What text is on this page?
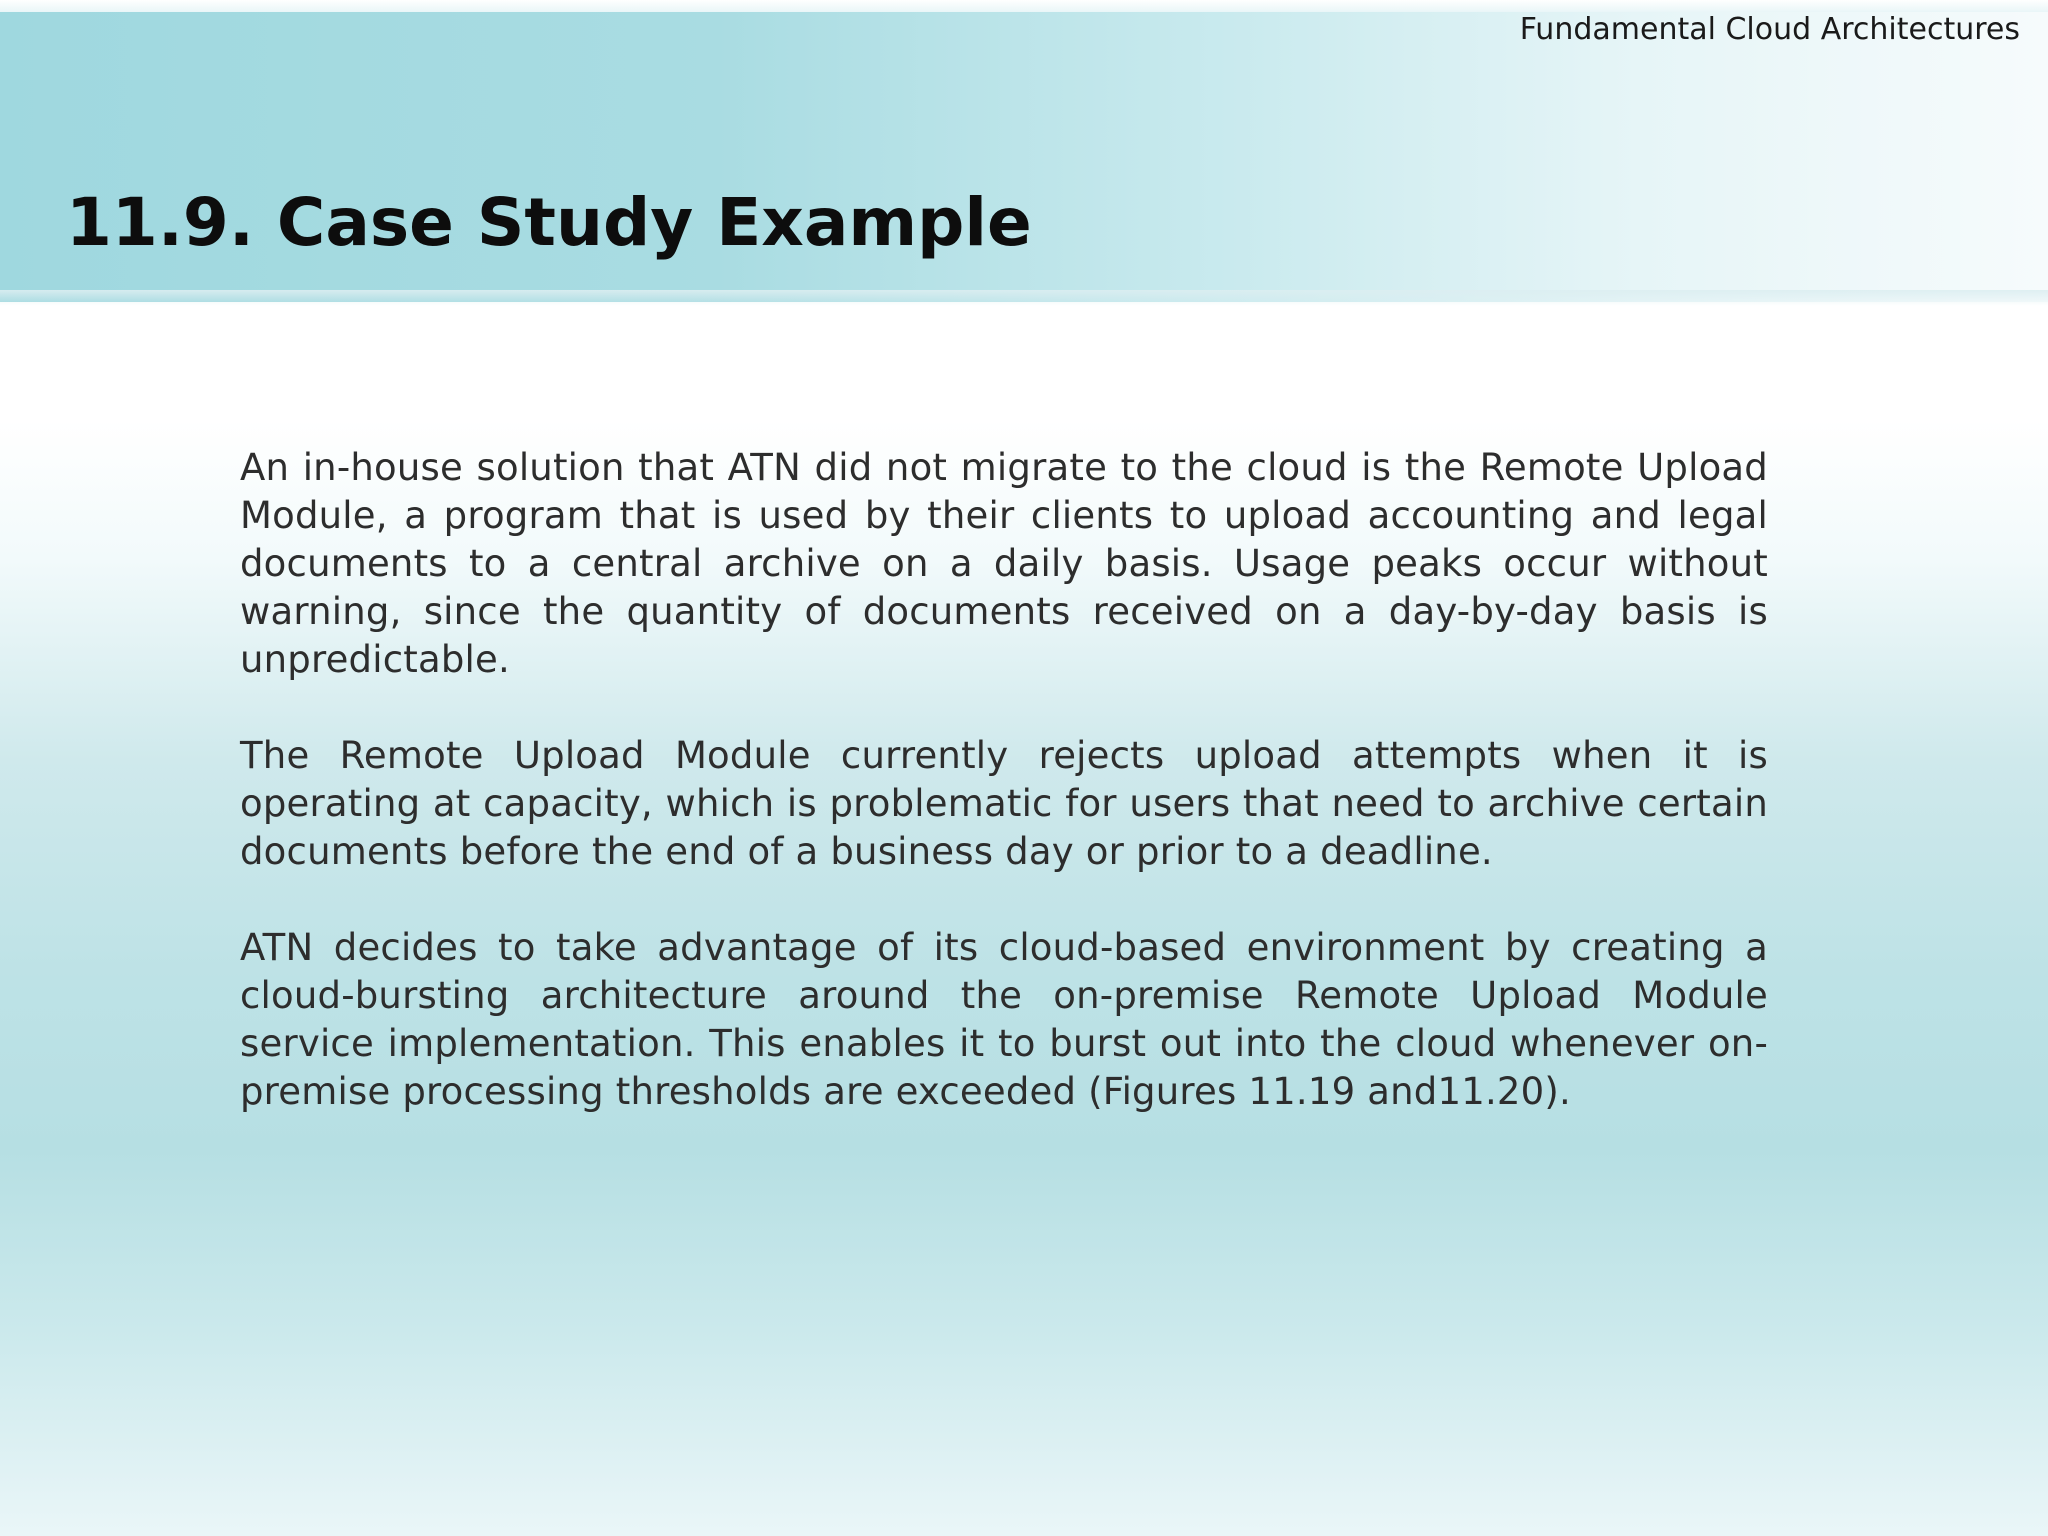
Fundamental Cloud Architectures
11.9. Case Study Example

An in-house solution that ATN did not migrate to the cloud is the Remote Upload Module, a program that is used by their clients to upload accounting and legal documents to a central archive on a daily basis. Usage peaks occur without warning, since the quantity of documents received on a day-by-day basis is unpredictable.

The Remote Upload Module currently rejects upload attempts when it is operating at capacity, which is problematic for users that need to archive certain documents before the end of a business day or prior to a deadline.

ATN decides to take advantage of its cloud-based environment by creating a cloud-bursting architecture around the on-premise Remote Upload Module service implementation. This enables it to burst out into the cloud whenever on-premise processing thresholds are exceeded (Figures 11.19 and11.20).
